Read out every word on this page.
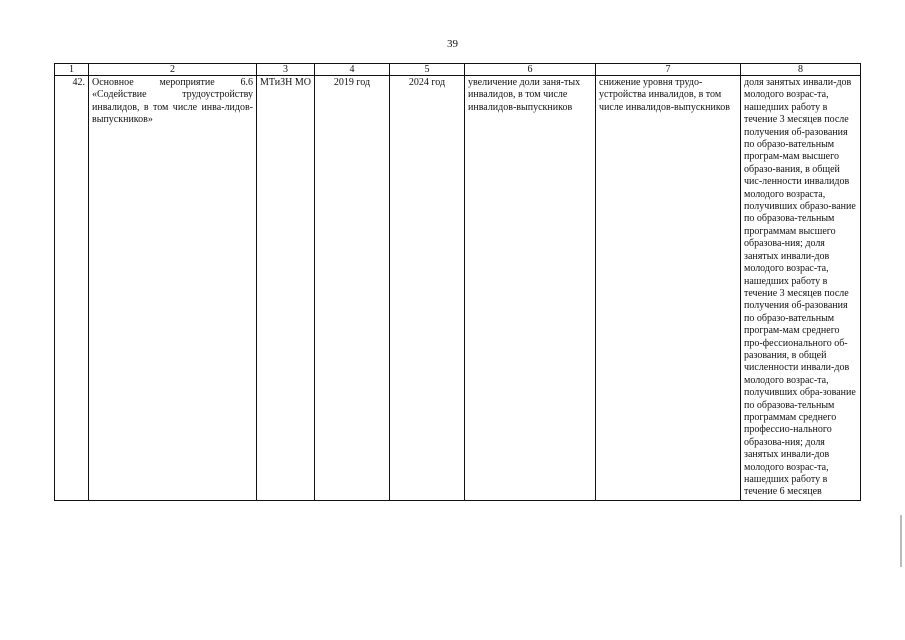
39
1	2	3	4	5	6	7	8
42.	Основное мероприятие 6.6 «Содействие трудоустройству инвалидов, в том числе инва-лидов-выпускников»	МТиЗН МО	2019 год	2024 год	увеличение доли заня-тых инвалидов, в том числе инвалидов-выпускников	снижение уровня трудо-устройства инвалидов, в том числе инвалидов-выпускников	доля занятых инвали-дов молодого возрас-та, нашедших работу в течение 3 месяцев после получения об-разования по образо-вательным програм-мам высшего образо-вания, в общей чис-ленности инвалидов молодого возраста, получивших образо-вание по образова-тельным программам высшего образова-ния; доля занятых инвали-дов молодого возрас-та, нашедших работу в течение 3 месяцев после получения об-разования по образо-вательным програм-мам среднего про-фессионального об-разования, в общей численности инвали-дов молодого возрас-та, получивших обра-зование по образова-тельным программам среднего профессио-нального образова-ния; доля занятых инвали-дов молодого возрас-та, нашедших работу в течение 6 месяцев
